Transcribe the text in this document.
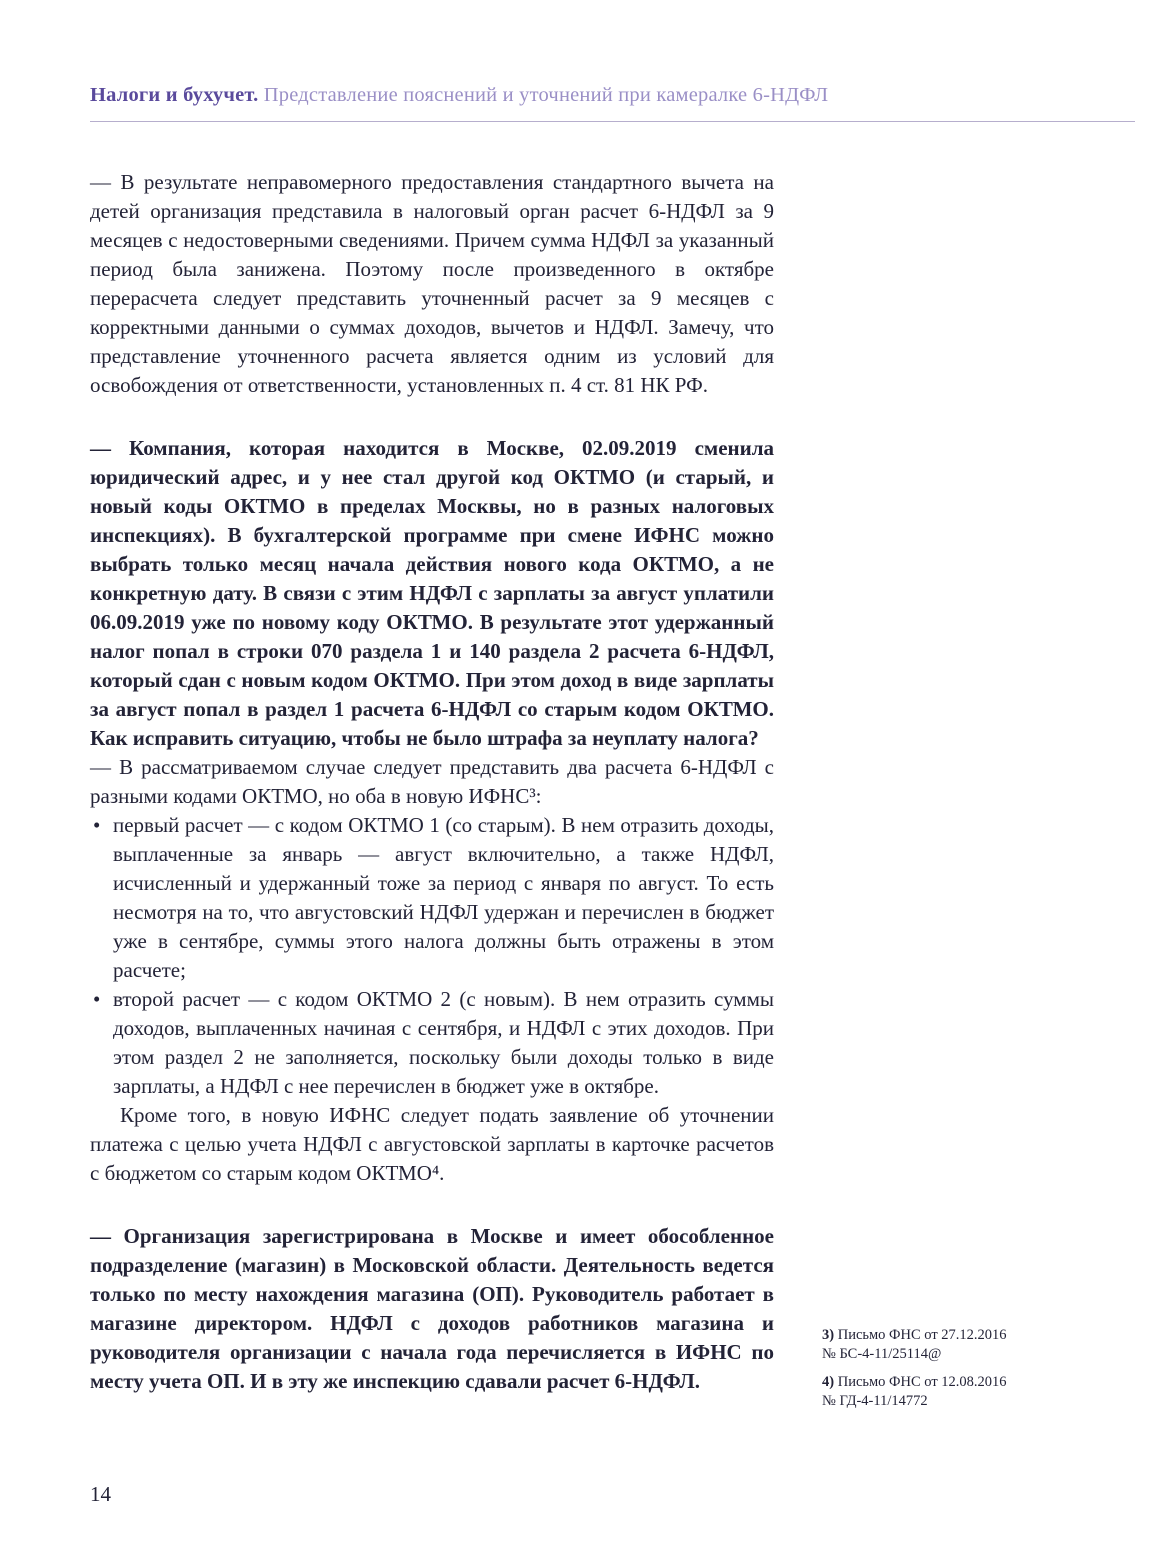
Налоги и бухучет. Представление пояснений и уточнений при камералке 6-НДФЛ

— В результате неправомерного предоставления стандартного вычета на детей организация представила в налоговый орган расчет 6-НДФЛ за 9 месяцев с недостоверными сведениями. Причем сумма НДФЛ за указанный период была занижена. Поэтому после произведенного в октябре перерасчета следует представить уточненный расчет за 9 месяцев с корректными данными о суммах доходов, вычетов и НДФЛ. Замечу, что представление уточненного расчета является одним из условий для освобождения от ответственности, установленных п. 4 ст. 81 НК РФ.

— Компания, которая находится в Москве, 02.09.2019 сменила юридический адрес, и у нее стал другой код ОКТМО (и старый, и новый коды ОКТМО в пределах Москвы, но в разных налоговых инспекциях). В бухгалтерской программе при смене ИФНС можно выбрать только месяц начала действия нового кода ОКТМО, а не конкретную дату. В связи с этим НДФЛ с зарплаты за август уплатили 06.09.2019 уже по новому коду ОКТМО. В результате этот удержанный налог попал в строки 070 раздела 1 и 140 раздела 2 расчета 6-НДФЛ, который сдан с новым кодом ОКТМО. При этом доход в виде зарплаты за август попал в раздел 1 расчета 6-НДФЛ со старым кодом ОКТМО. Как исправить ситуацию, чтобы не было штрафа за неуплату налога?

— В рассматриваемом случае следует представить два расчета 6-НДФЛ с разными кодами ОКТМО, но оба в новую ИФНС³:

• первый расчет — с кодом ОКТМО 1 (со старым). В нем отразить доходы, выплаченные за январь — август включительно, а также НДФЛ, исчисленный и удержанный тоже за период с января по август. То есть несмотря на то, что августовский НДФЛ удержан и перечислен в бюджет уже в сентябре, суммы этого налога должны быть отражены в этом расчете;

• второй расчет — с кодом ОКТМО 2 (с новым). В нем отразить суммы доходов, выплаченных начиная с сентября, и НДФЛ с этих доходов. При этом раздел 2 не заполняется, поскольку были доходы только в виде зарплаты, а НДФЛ с нее перечислен в бюджет уже в октябре.

Кроме того, в новую ИФНС следует подать заявление об уточнении платежа с целью учета НДФЛ с августовской зарплаты в карточке расчетов с бюджетом со старым кодом ОКТМО⁴.

— Организация зарегистрирована в Москве и имеет обособленное подразделение (магазин) в Московской области. Деятельность ведется только по месту нахождения магазина (ОП). Руководитель работает в магазине директором. НДФЛ с доходов работников магазина и руководителя организации с начала года перечисляется в ИФНС по месту учета ОП. И в эту же инспекцию сдавали расчет 6-НДФЛ.

3) Письмо ФНС от 27.12.2016 № БС-4-11/25114@
4) Письмо ФНС от 12.08.2016 № ГД-4-11/14772
14
